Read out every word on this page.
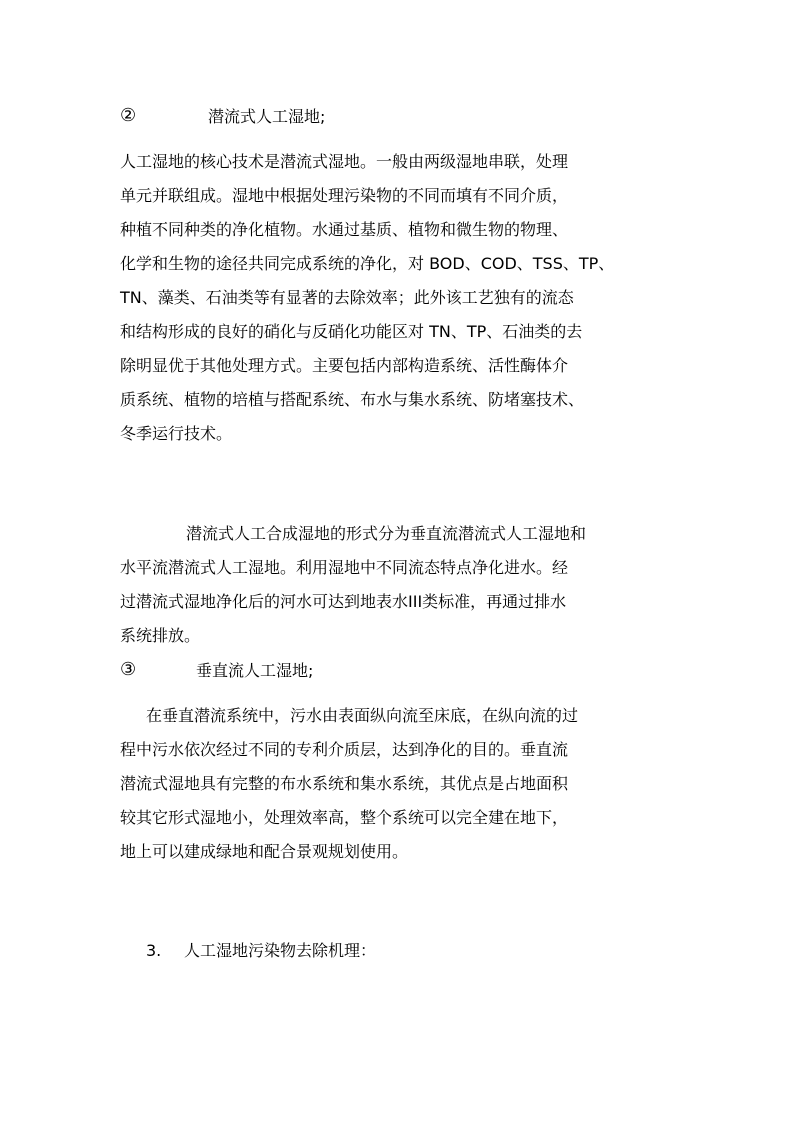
②	潜流式人工湿地;
人工湿地的核心技术是潜流式湿地。一般由两级湿地串联，处理
单元并联组成。湿地中根据处理污染物的不同而填有不同介质，
种植不同种类的净化植物。水通过基质、植物和微生物的物理、
化学和生物的途径共同完成系统的净化，对 BOD、COD、TSS、TP、
TN、藻类、石油类等有显著的去除效率；此外该工艺独有的流态
和结构形成的良好的硝化与反硝化功能区对 TN、TP、石油类的去
除明显优于其他处理方式。主要包括内部构造系统、活性酶体介
质系统、植物的培植与搭配系统、布水与集水系统、防堵塞技术、
冬季运行技术。
潜流式人工合成湿地的形式分为垂直流潜流式人工湿地和
水平流潜流式人工湿地。利用湿地中不同流态特点净化进水。经
过潜流式湿地净化后的河水可达到地表水III类标准，再通过排水
系统排放。
③	垂直流人工湿地;
在垂直潜流系统中，污水由表面纵向流至床底，在纵向流的过
程中污水依次经过不同的专利介质层，达到净化的目的。垂直流
潜流式湿地具有完整的布水系统和集水系统，其优点是占地面积
较其它形式湿地小，处理效率高，整个系统可以完全建在地下，
地上可以建成绿地和配合景观规划使用。
3. 人工湿地污染物去除机理：
